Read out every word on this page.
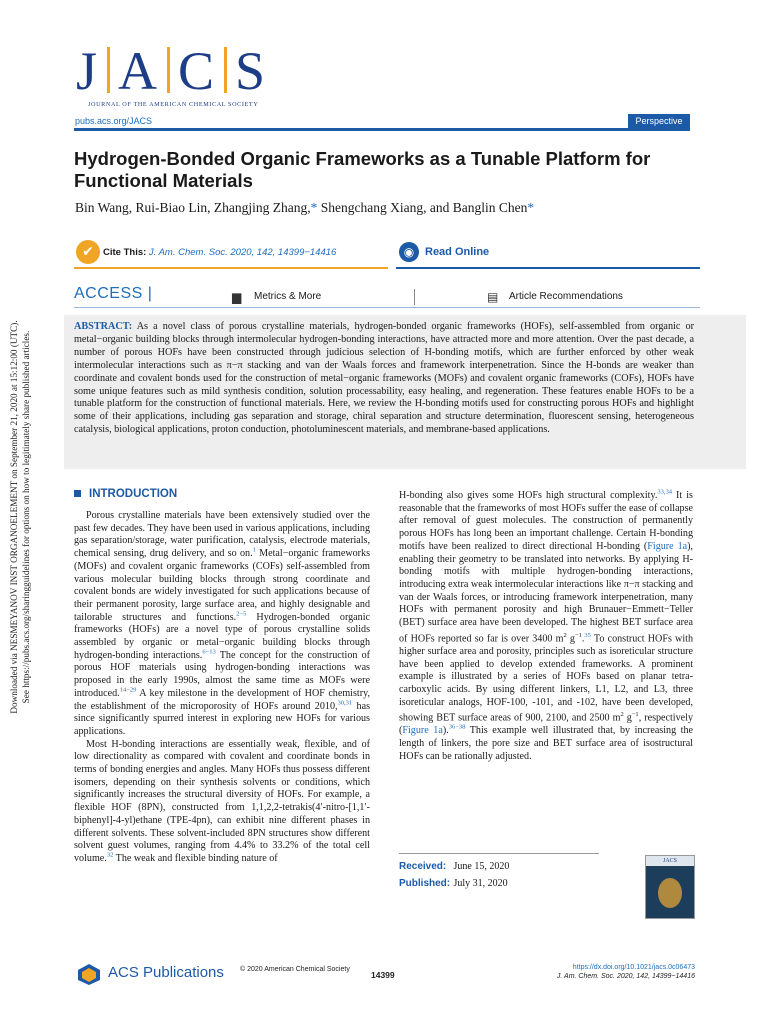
Downloaded via NESMEYANOV INST ORGANOELEMENT on September 21, 2020 at 15:12:00 (UTC). See https://pubs.acs.org/sharingguidelines for options on how to legitimately share published articles.
J A C S
JOURNAL OF THE AMERICAN CHEMICAL SOCIETY
pubs.acs.org/JACS	Perspective
Hydrogen-Bonded Organic Frameworks as a Tunable Platform for Functional Materials
Bin Wang, Rui-Biao Lin, Zhangjing Zhang,* Shengchang Xiang, and Banglin Chen*
✔ Cite This: J. Am. Chem. Soc. 2020, 142, 14399−14416	◉ Read Online
ACCESS |	▆ Metrics & More	▤ Article Recommendations
ABSTRACT: As a novel class of porous crystalline materials, hydrogen-bonded organic frameworks (HOFs), self-assembled from organic or metal−organic building blocks through intermolecular hydrogen-bonding interactions, have attracted more and more attention. Over the past decade, a number of porous HOFs have been constructed through judicious selection of H-bonding motifs, which are further enforced by other weak intermolecular interactions such as π−π stacking and van der Waals forces and framework interpenetration. Since the H-bonds are weaker than coordinate and covalent bonds used for the construction of metal−organic frameworks (MOFs) and covalent organic frameworks (COFs), HOFs have some unique features such as mild synthesis condition, solution processability, easy healing, and regeneration. These features enable HOFs to be a tunable platform for the construction of functional materials. Here, we review the H-bonding motifs used for constructing porous HOFs and highlight some of their applications, including gas separation and storage, chiral separation and structure determination, fluorescent sensing, heterogeneous catalysis, biological applications, proton conduction, photoluminescent materials, and membrane-based applications.
INTRODUCTION

Porous crystalline materials have been extensively studied over the past few decades. They have been used in various applications, including gas separation/storage, water purification, catalysis, electrode materials, chemical sensing, drug delivery, and so on.$^1$ Metal−organic frameworks (MOFs) and covalent organic frameworks (COFs) self-assembled from various molecular building blocks through strong coordinate and covalent bonds are widely investigated for such applications because of their permanent porosity, large surface area, and highly designable and tailorable structures and functions.$^{2-5}$ Hydrogen-bonded organic frameworks (HOFs) are a novel type of porous crystalline solids assembled by organic or metal−organic building blocks through hydrogen-bonding interactions.$^{6-13}$ The concept for the construction of porous HOF materials using hydrogen-bonding interactions was proposed in the early 1990s, almost the same time as MOFs were introduced.$^{14-29}$ A key milestone in the development of HOF chemistry, the establishment of the microporosity of HOFs around 2010,$^{30,31}$ has since significantly spurred interest in exploring new HOFs for various applications.

Most H-bonding interactions are essentially weak, flexible, and of low directionality as compared with covalent and coordinate bonds in terms of bonding energies and angles. Many HOFs thus possess different isomers, depending on their synthesis solvents or conditions, which significantly increases the structural diversity of HOFs. For example, a flexible HOF (8PN), constructed from 1,1,2,2-tetrakis(4′-nitro-[1,1′-biphenyl]-4-yl)ethane (TPE-4pn), can exhibit nine different phases in different solvents. These solvent-included 8PN structures show different solvent guest volumes, ranging from 4.4% to 33.2% of the total cell volume.$^{32}$ The weak and flexible binding nature of

H-bonding also gives some HOFs high structural complexity.$^{33,34}$ It is reasonable that the frameworks of most HOFs suffer the ease of collapse after removal of guest molecules. The construction of permanently porous HOFs has long been an important challenge. Certain H-bonding motifs have been realized to direct directional H-bonding (Figure 1a), enabling their geometry to be translated into networks. By applying H-bonding motifs with multiple hydrogen-bonding interactions, introducing extra weak intermolecular interactions like π−π stacking and van der Waals forces, or introducing framework interpenetration, many HOFs with permanent porosity and high Brunauer−Emmett−Teller (BET) surface area have been developed. The highest BET surface area of HOFs reported so far is over 3400 $m^2$ $g^{-1}.^{35}$ To construct HOFs with higher surface area and porosity, principles such as isoreticular structure have been applied to develop extended frameworks. A prominent example is illustrated by a series of HOFs based on planar tetra-carboxylic acids. By using different linkers, L1, L2, and L3, three isoreticular analogs, HOF-100, -101, and -102, have been developed, showing BET surface areas of 900, 2100, and 2500 $m^2$ $g^{-1}$, respectively (Figure 1a).$^{36-38}$ This example well illustrated that, by increasing the length of linkers, the pore size and BET surface area of isostructural HOFs can be rationally adjusted.

Received: June 15, 2020
Published: July 31, 2020
JACS
ACS Publications © 2020 American Chemical Society
14399
https://dx.doi.org/10.1021/jacs.0c06473
J. Am. Chem. Soc. 2020, 142, 14399−14416
